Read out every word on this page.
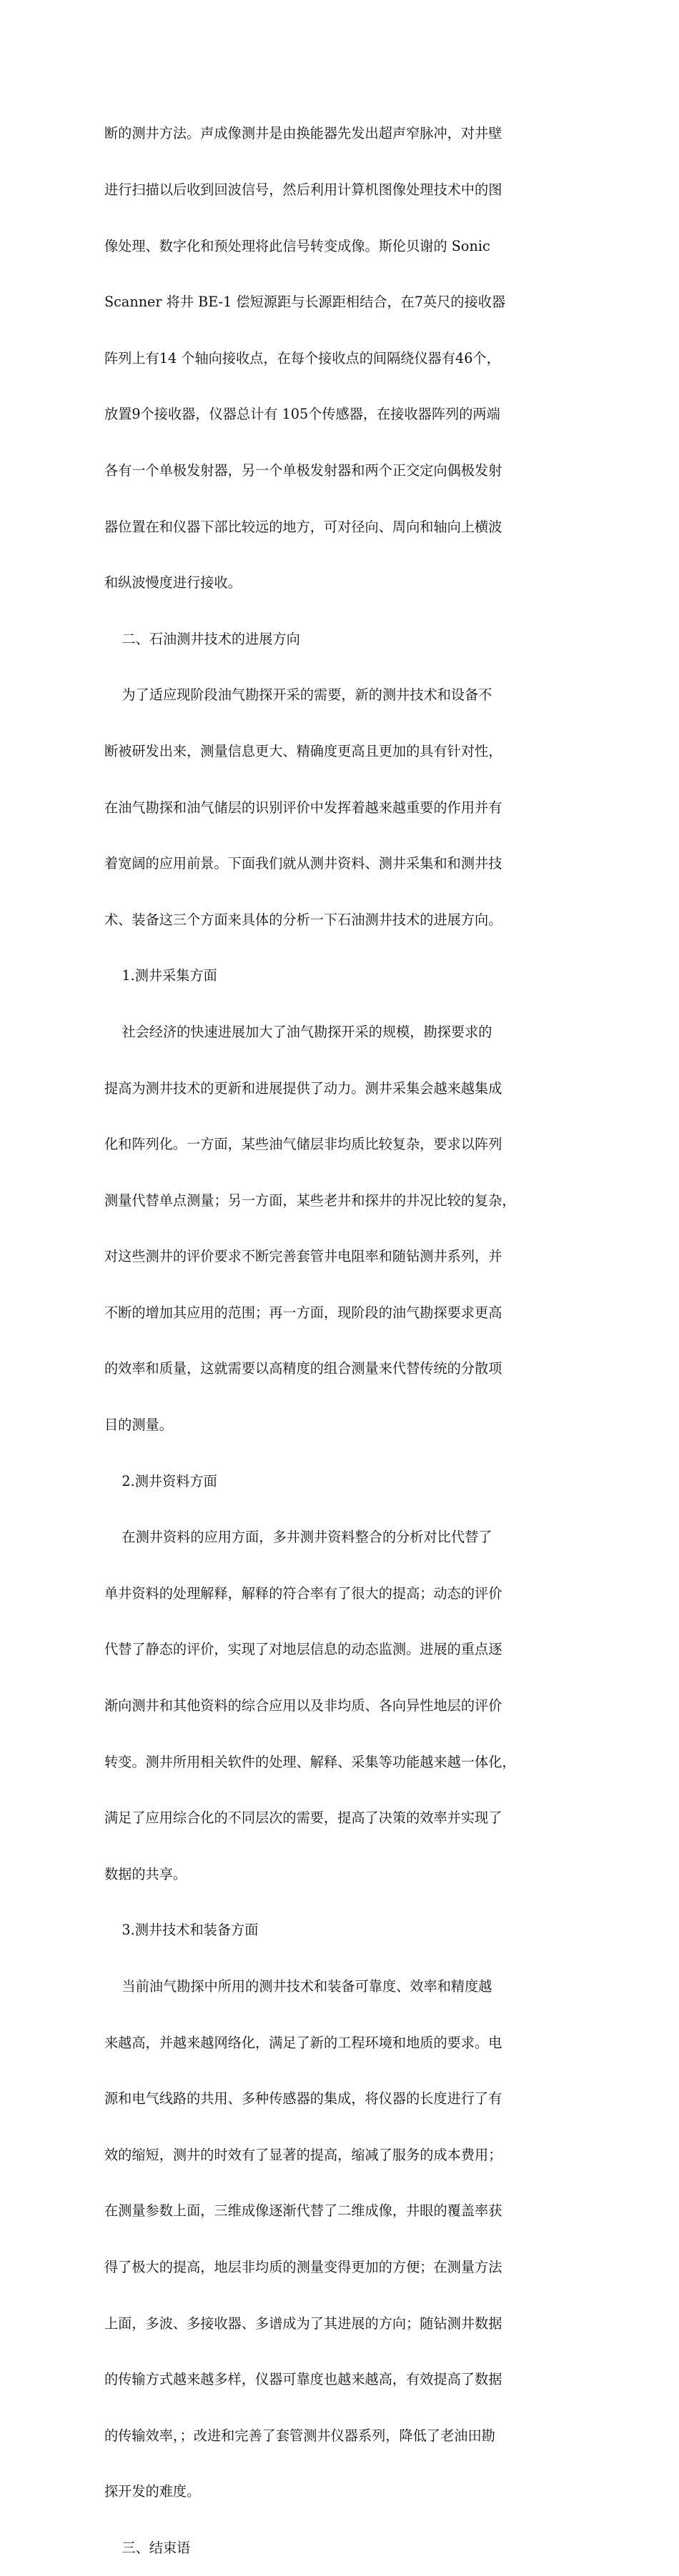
断的测井方法。声成像测井是由换能器先发出超声窄脉冲，对井壁

进行扫描以后收到回波信号，然后利用计算机图像处理技术中的图

像处理、数字化和预处理将此信号转变成像。斯伦贝谢的 Sonic

Scanner 将井 BE-1 偿短源距与长源距相结合，在7英尺的接收器

阵列上有14 个轴向接收点，在每个接收点的间隔绕仪器有46个，

放置9个接收器，仪器总计有 105个传感器，在接收器阵列的两端

各有一个单极发射器，另一个单极发射器和两个正交定向偶极发射

器位置在和仪器下部比较远的地方，可对径向、周向和轴向上横波

和纵波慢度进行接收。

二、石油测井技术的进展方向

为了适应现阶段油气勘探开采的需要，新的测井技术和设备不

断被研发出来，测量信息更大、精确度更高且更加的具有针对性，

在油气勘探和油气储层的识别评价中发挥着越来越重要的作用并有

着宽阔的应用前景。下面我们就从测井资料、测井采集和和测井技

术、装备这三个方面来具体的分析一下石油测井技术的进展方向。

1.测井采集方面

社会经济的快速进展加大了油气勘探开采的规模，勘探要求的

提高为测井技术的更新和进展提供了动力。测井采集会越来越集成

化和阵列化。一方面，某些油气储层非均质比较复杂，要求以阵列

测量代替单点测量；另一方面，某些老井和探井的井况比较的复杂，

对这些测井的评价要求不断完善套管井电阻率和随钻测井系列，并

不断的增加其应用的范围；再一方面，现阶段的油气勘探要求更高

的效率和质量，这就需要以高精度的组合测量来代替传统的分散项

目的测量。

2.测井资料方面

在测井资料的应用方面，多井测井资料整合的分析对比代替了

单井资料的处理解释，解释的符合率有了很大的提高；动态的评价

代替了静态的评价，实现了对地层信息的动态监测。进展的重点逐

渐向测井和其他资料的综合应用以及非均质、各向异性地层的评价

转变。测井所用相关软件的处理、解释、采集等功能越来越一体化，

满足了应用综合化的不同层次的需要，提高了决策的效率并实现了

数据的共享。

3.测井技术和装备方面

当前油气勘探中所用的测井技术和装备可靠度、效率和精度越

来越高，并越来越网络化，满足了新的工程环境和地质的要求。电

源和电气线路的共用、多种传感器的集成，将仪器的长度进行了有

效的缩短，测井的时效有了显著的提高，缩减了服务的成本费用；

在测量参数上面，三维成像逐渐代替了二维成像，井眼的覆盖率获

得了极大的提高，地层非均质的测量变得更加的方便；在测量方法

上面，多波、多接收器、多谱成为了其进展的方向；随钻测井数据

的传输方式越来越多样，仪器可靠度也越来越高，有效提高了数据

的传输效率，；改进和完善了套管测井仪器系列，降低了老油田勘

探开发的难度。

三、结束语
